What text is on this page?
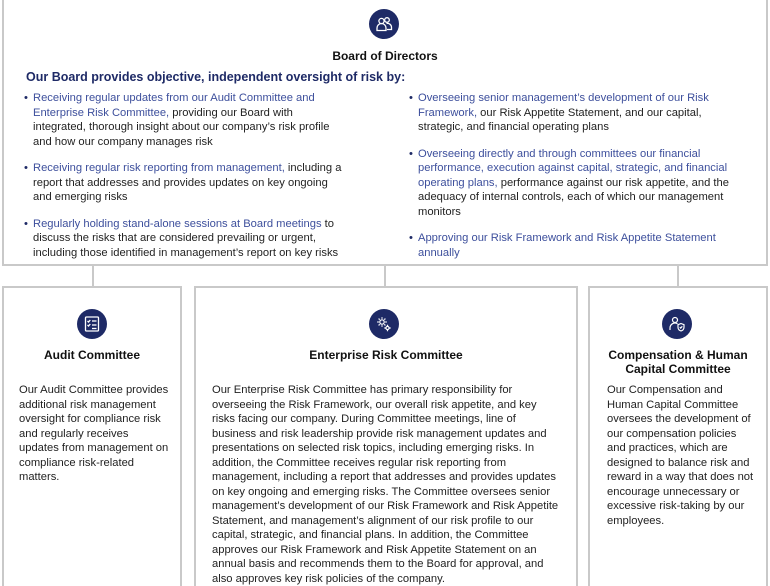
Board of Directors
Our Board provides objective, independent oversight of risk by:
• Receiving regular updates from our Audit Committee and Enterprise Risk Committee, providing our Board with integrated, thorough insight about our company’s risk profile and how our company manages risk
• Receiving regular risk reporting from management, including a report that addresses and provides updates on key ongoing and emerging risks
• Regularly holding stand-alone sessions at Board meetings to discuss the risks that are considered prevailing or urgent, including those identified in management’s report on key risks
• Overseeing senior management’s development of our Risk Framework, our Risk Appetite Statement, and our capital, strategic, and financial operating plans
• Overseeing directly and through committees our financial performance, execution against capital, strategic, and financial operating plans, performance against our risk appetite, and the adequacy of internal controls, each of which our management monitors
• Approving our Risk Framework and Risk Appetite Statement annually
Audit Committee
Our Audit Committee provides additional risk management oversight for compliance risk and regularly receives updates from management on compliance risk-related matters.
Enterprise Risk Committee
Our Enterprise Risk Committee has primary responsibility for overseeing the Risk Framework, our overall risk appetite, and key risks facing our company. During Committee meetings, line of business and risk leadership provide risk management updates and presentations on selected risk topics, including emerging risks. In addition, the Committee receives regular risk reporting from management, including a report that addresses and provides updates on key ongoing and emerging risks. The Committee oversees senior management’s development of our Risk Framework and Risk Appetite Statement, and management’s alignment of our risk profile to our capital, strategic, and financial plans. In addition, the Committee approves our Risk Framework and Risk Appetite Statement on an annual basis and recommends them to the Board for approval, and also approves key risk policies of the company.
Compensation & Human Capital Committee
Our Compensation and Human Capital Committee oversees the development of our compensation policies and practices, which are designed to balance risk and reward in a way that does not encourage unnecessary or excessive risk-taking by our employees.
